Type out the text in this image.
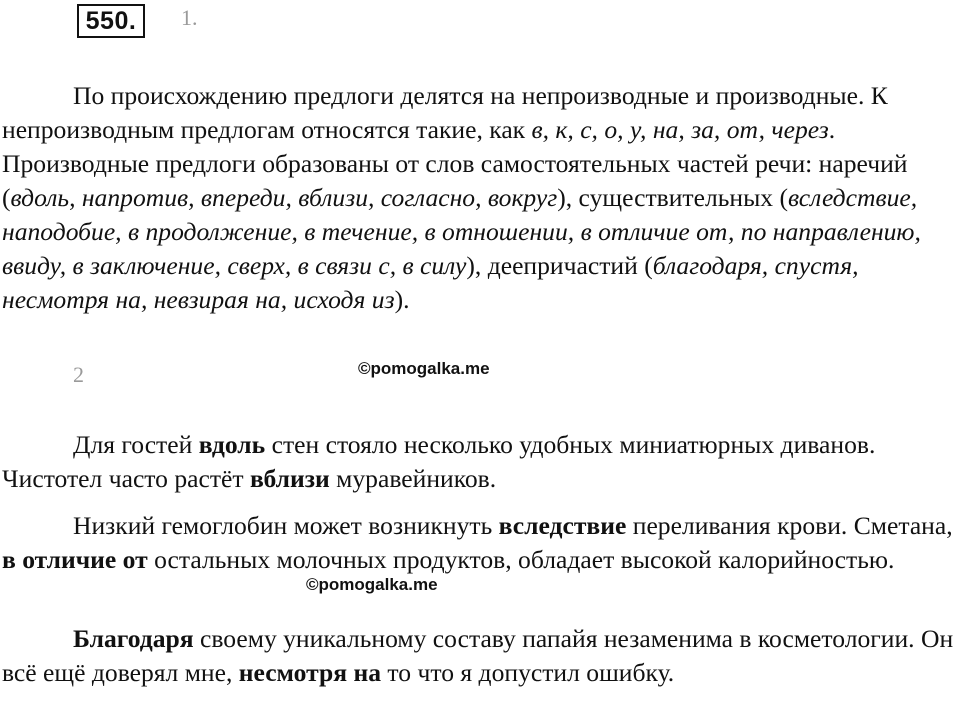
550.	1.

По происхождению предлоги делятся на непроизводные и производные. К непроизводным предлогам относятся такие, как в, к, с, о, у, на, за, от, через. Производные предлоги образованы от слов самостоятельных частей речи: наречий (вдоль, напротив, впереди, вблизи, согласно, вокруг), существительных (вследствие, наподобие, в продолжение, в течение, в отношении, в отличие от, по направлению, ввиду, в заключение, сверх, в связи с, в силу), деепричастий (благодаря, спустя, несмотря на, невзирая на, исходя из).

2	©pomogalka.me

Для гостей вдоль стен стояло несколько удобных миниатюрных диванов. Чистотел часто растёт вблизи муравейников.

Низкий гемоглобин может возникнуть вследствие переливания крови. Сметана, в отличие от остальных молочных продуктов, обладает высокой калорийностью.

©pomogalka.me

Благодаря своему уникальному составу папайя незаменима в косметологии. Он всё ещё доверял мне, несмотря на то что я допустил ошибку.
